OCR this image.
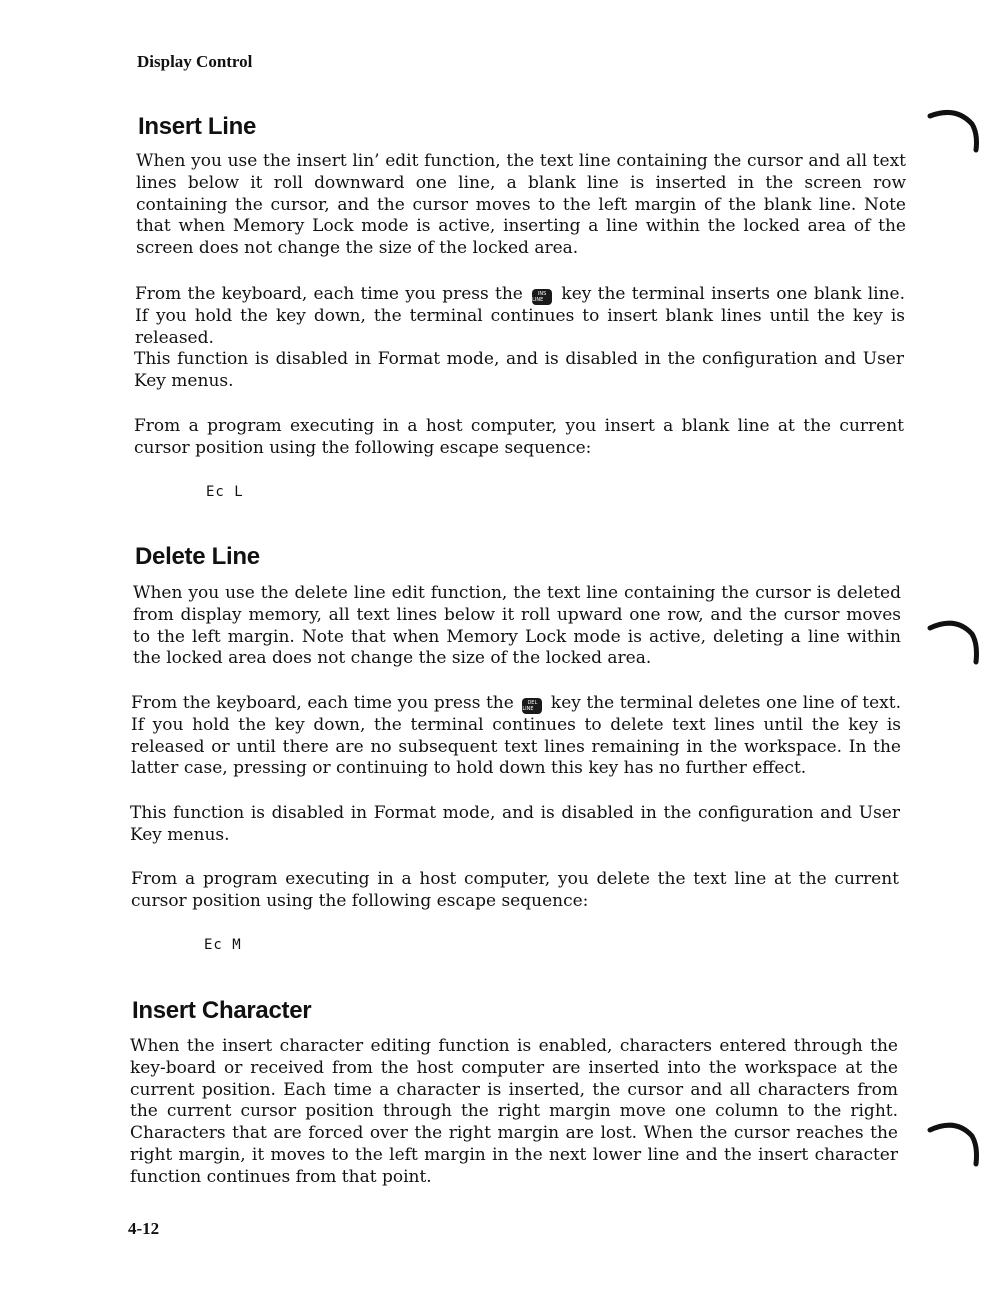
Display Control
Insert Line

When you use the insert lin’ edit function, the text line containing the cursor and all text lines below it roll downward one line, a blank line is inserted in the screen row containing the cursor, and the cursor moves to the left margin of the blank line. Note that when Memory Lock mode is active, inserting a line within the locked area of the screen does not change the size of the locked area.

From the keyboard, each time you press the	INS LINE key the terminal inserts one blank line. If you hold the key down, the terminal continues to insert blank lines until the key is released.

This function is disabled in Format mode, and is disabled in the configuration and User Key menus.

From a program executing in a host computer, you insert a blank line at the current cursor position using the following escape sequence:

Ec L
Delete Line

When you use the delete line edit function, the text line containing the cursor is deleted from display memory, all text lines below it roll upward one row, and the cursor moves to the left margin. Note that when Memory Lock mode is active, deleting a line within the locked area does not change the size of the locked area.

From the keyboard, each time you press the	DEL LINE key the terminal deletes one line of text. If you hold the key down, the terminal continues to delete text lines until the key is released or until there are no subsequent text lines remaining in the workspace. In the latter case, pressing or continuing to hold down this key has no further effect.

This function is disabled in Format mode, and is disabled in the configuration and User Key menus.

From a program executing in a host computer, you delete the text line at the current cursor position using the following escape sequence:

Ec M
Insert Character

When the insert character editing function is enabled, characters entered through the key-board or received from the host computer are inserted into the workspace at the current position. Each time a character is inserted, the cursor and all characters from the current cursor position through the right margin move one column to the right. Characters that are forced over the right margin are lost. When the cursor reaches the right margin, it moves to the left margin in the next lower line and the insert character function continues from that point.

4-12
